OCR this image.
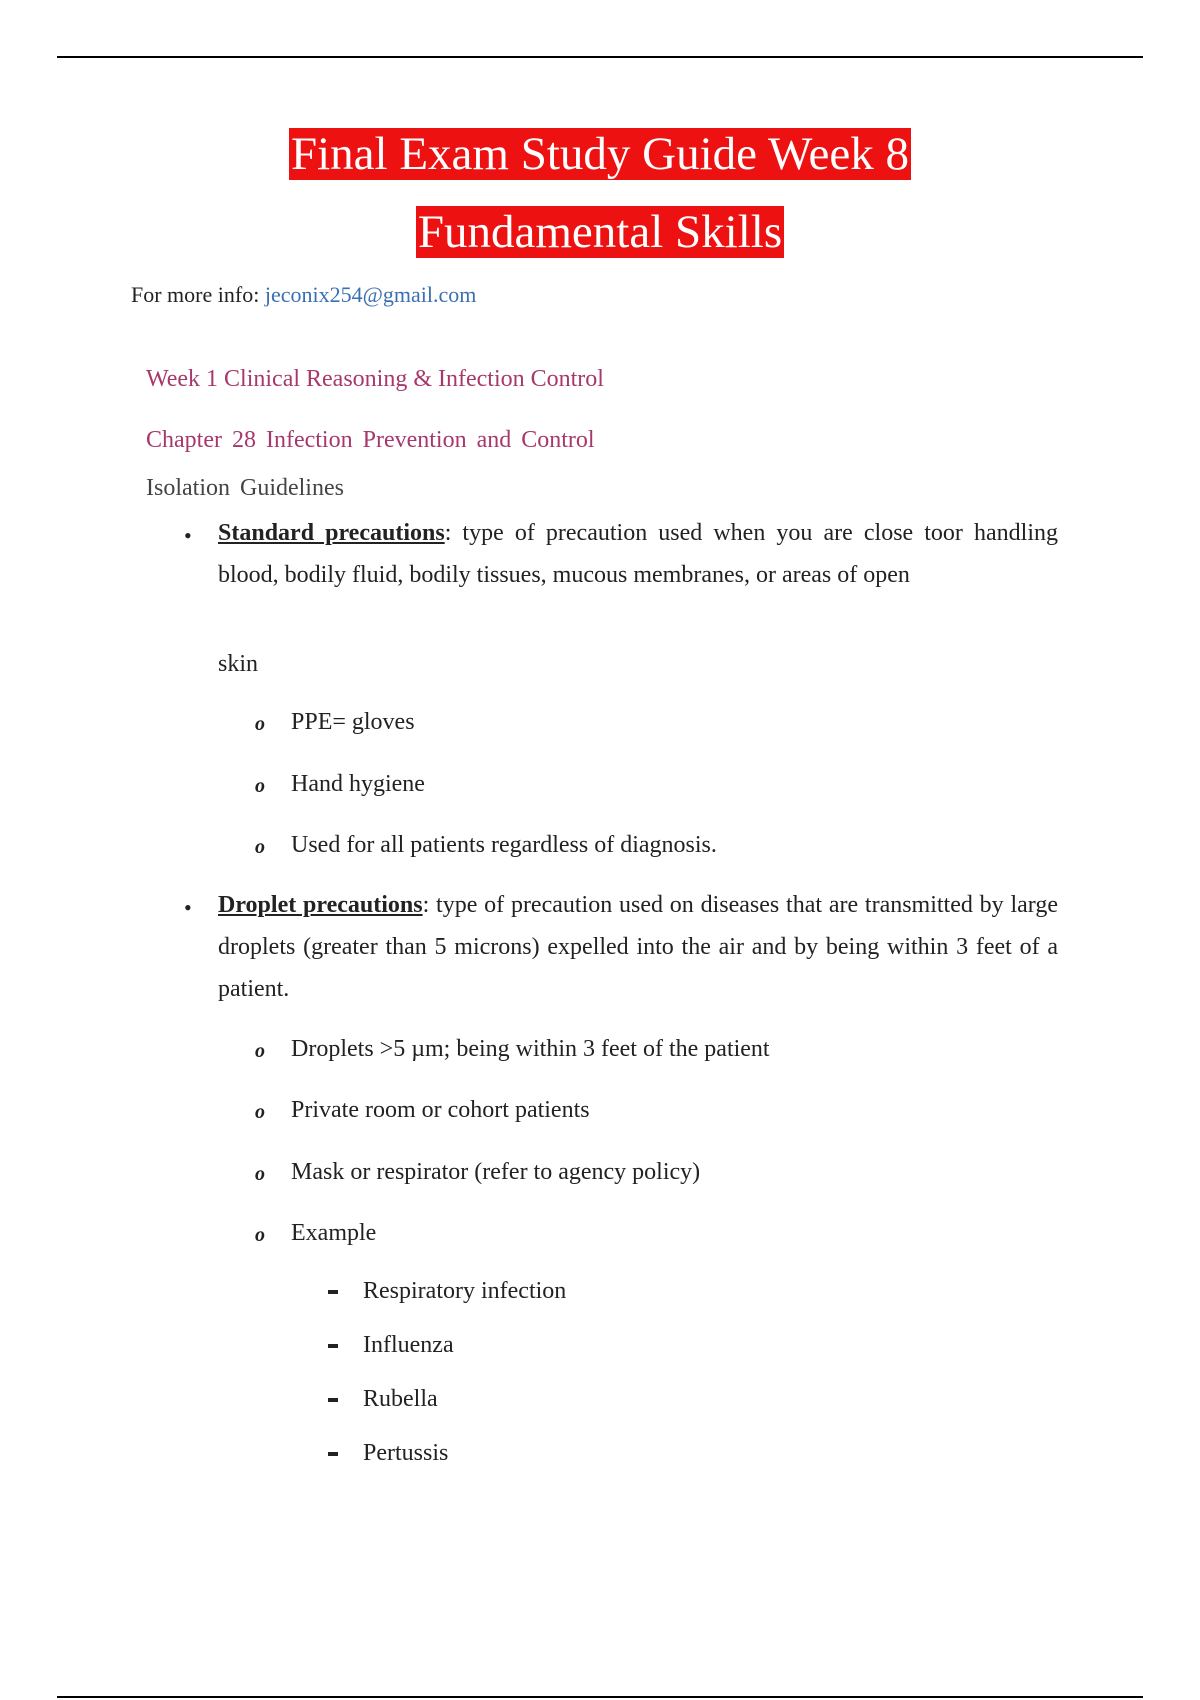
Final Exam Study Guide Week 8
Fundamental Skills
For more info: jeconix254@gmail.com
Week 1 Clinical Reasoning & Infection Control
Chapter 28 Infection Prevention and Control
Isolation Guidelines
• Standard precautions: type of precaution used when you are close toor handling blood, bodily fluid, bodily tissues, mucous membranes, or areas of open
skin
o PPE= gloves
o Hand hygiene
o Used for all patients regardless of diagnosis.
• Droplet precautions: type of precaution used on diseases that are transmitted by large droplets (greater than 5 microns) expelled into the air and by being within 3 feet of a patient.
o Droplets >5 µm; being within 3 feet of the patient
o Private room or cohort patients
o Mask or respirator (refer to agency policy)
o Example
Respiratory infection
Influenza
Rubella
Pertussis
